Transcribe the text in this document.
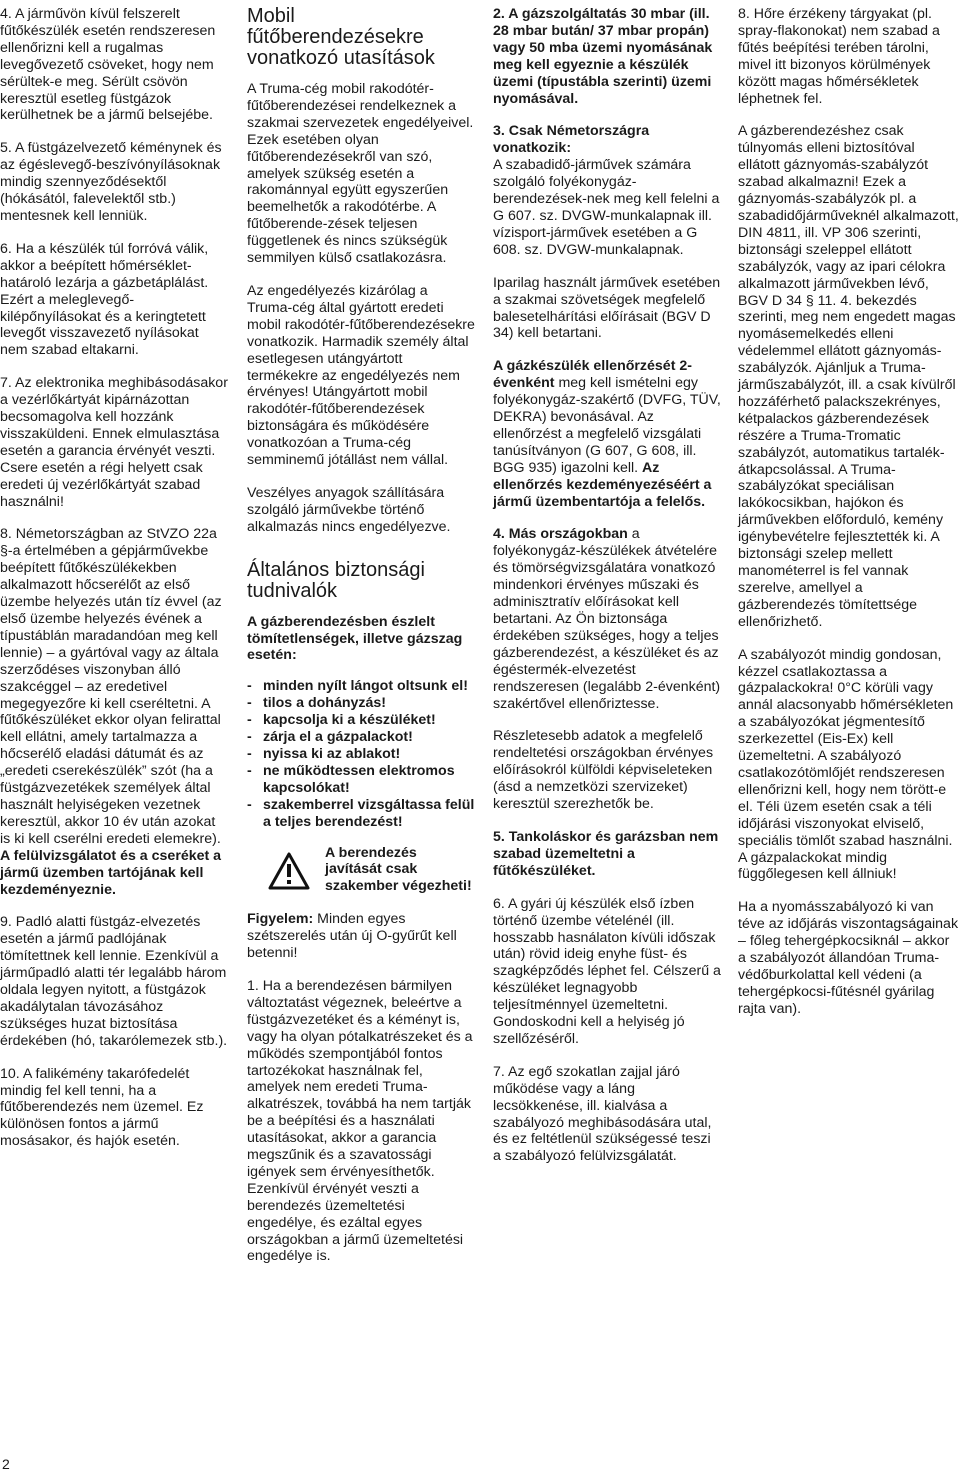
4. A járművön kívül felszerelt fűtőkészülék esetén rendszeresen ellenőrizni kell a rugalmas levegővezető csöveket, hogy nem sérültek-e meg. Sérült csövön keresztül esetleg füstgázok kerülhetnek be a jármű belsejébe.

5. A füstgázelvezető kéménynek és az égéslevegő-beszívónyílásoknak mindig szennyeződésektől (hókásától, falevelektől stb.) mentesnek kell lenniük.

6. Ha a készülék túl forróvá válik, akkor a beépített hőmérséklet-határoló lezárja a gázbetáplálást. Ezért a meleglevegő-kilépőnyílásokat és a keringtetett levegőt visszavezető nyílásokat nem szabad eltakarni.

7. Az elektronika meghibásodásakor a vezérlőkártyát kipárnázottan becsomagolva kell hozzánk visszaküldeni. Ennek elmulasztása esetén a garancia érvényét veszti. Csere esetén a régi helyett csak eredeti új vezérlőkártyát szabad használni!

8. Németországban az StVZO 22a §-a értelmében a gépjárművekbe beépített fűtőkészülékekben alkalmazott hőcserélőt az első üzembe helyezés után tíz évvel (az első üzembe helyezés évének a típustáblán maradandóan meg kell lennie) – a gyártóval vagy az általa szerződéses viszonyban álló szakcéggel – az eredetivel megegyezőre ki kell cseréltetni. A fűtőkészüléket ekkor olyan felirattal kell ellátni, amely tartalmazza a hőcserélő eladási dátumát és az „eredeti cserekészülék” szót (ha a füstgázvezetékek személyek által használt helyiségeken vezetnek keresztül, akkor 10 év után azokat is ki kell cserélni eredeti elemekre). A felülvizsgálatot és a cseréket a jármű üzemben tartójának kell kezdeményeznie.

9. Padló alatti füstgáz-elvezetés esetén a jármű padlójának tömítettnek kell lennie. Ezenkívül a járműpadló alatti tér legalább három oldala legyen nyitott, a füstgázok akadálytalan távozásához szükséges huzat biztosítása érdekében (hó, takarólemezek stb.).

10. A falikémény takarófedelét mindig fel kell tenni, ha a fűtőberendezés nem üzemel. Ez különösen fontos a jármű mosásakor, és hajók esetén.

Mobil fűtőberendezésekre vonatkozó utasítások

A Truma-cég mobil rakodótér-fűtőberendezései rendelkeznek a szakmai szervezetek engedélyeivel. Ezek esetében olyan fűtőberendezésekről van szó, amelyek szükség esetén a rakománnyal együtt egyszerűen beemelhetők a rakodótérbe. A fűtőberende-zések teljesen függetlenek és nincs szükségük semmilyen külső csatlakozásra.

Az engedélyezés kizárólag a Truma-cég által gyártott eredeti mobil rakodótér-fűtőberendezésekre vonatkozik. Harmadik személy által esetlegesen utángyártott termékekre az engedélyezés nem érvényes! Utángyártott mobil rakodótér-fűtőberendezések biztonságára és működésére vonatkozóan a Truma-cég semminemű jótállást nem vállal.

Veszélyes anyagok szállítására szolgáló járművekbe történő alkalmazás nincs engedélyezve.

Általános biztonsági tudnivalók

A gázberendezésben észlelt tömítetlenségek, illetve gázszag esetén:

- minden nyílt lángot oltsunk el!
- tilos a dohányzás!
- kapcsolja ki a készüléket!
- zárja el a gázpalackot!
- nyissa ki az ablakot!
- ne működtessen elektromos kapcsolókat!
- szakemberrel vizsgáltassa felül a teljes berendezést!
A berendezés javítását csak szakember végezheti!

Figyelem: Minden egyes szétszerelés után új O-gyűrűt kell betenni!

1. Ha a berendezésen bármilyen változtatást végeznek, beleértve a füstgázvezetéket és a kéményt is, vagy ha olyan pótalkatrészeket és a működés szempontjából fontos tartozékokat használnak fel, amelyek nem eredeti Truma-alkatrészek, továbbá ha nem tartják be a beépítési és a használati utasításokat, akkor a garancia megszűnik és a szavatossági igények sem érvényesíthetők. Ezenkívül érvényét veszti a berendezés üzemeltetési engedélye, és ezáltal egyes országokban a jármű üzemeltetési engedélye is.

2. A gázszolgáltatás 30 mbar (ill. 28 mbar bután/ 37 mbar propán) vagy 50 mba üzemi nyomásának meg kell egyeznie a készülék üzemi (típustábla szerinti) üzemi nyomásával.

3. Csak Németországra vonatkozik:
A szabadidő-járművek számára szolgáló folyékonygáz-berendezések-nek meg kell felelni a G 607. sz. DVGW-munkalapnak ill. vízisport-járművek esetében a G 608. sz. DVGW-munkalapnak.

Iparilag használt járművek esetében a szakmai szövetségek megfelelő balesetelhárítási előírásait (BGV D 34) kell betartani.

A gázkészülék ellenőrzését 2-évenként meg kell ismételni egy folyékonygáz-szakértő (DVFG, TÜV, DEKRA) bevonásával. Az ellenőrzést a megfelelő vizsgálati tanúsítványon (G 607, G 608, ill. BGG 935) igazolni kell. Az ellenőrzés kezdeményezéséért a jármű üzembentartója a felelős.

4. Más országokban a folyékonygáz-készülékek átvételére és tömörségvizsgálatára vonatkozó mindenkori érvényes műszaki és adminisztratív előírásokat kell betartani. Az Ön biztonsága érdekében szükséges, hogy a teljes gázberendezést, a készüléket és az égéstermék-elvezetést rendszeresen (legalább 2-évenként) szakértővel ellenőriztesse.

Részletesebb adatok a megfelelő rendeltetési országokban érvényes előírásokról külföldi képviseleteken (ásd a nemzetközi szervizeket) keresztül szerezhetők be.

5. Tankoláskor és garázsban nem szabad üzemeltetni a fűtőkészüléket.

6. A gyári új készülék első ízben történő üzembe vételénél (ill. hosszabb hasnálaton kívüli időszak után) rövid ideig enyhe füst- és szagképződés léphet fel. Célszerű a készüléket legnagyobb teljesítménnyel üzemeltetni. Gondoskodni kell a helyiség jó szellőzéséről.

7. Az egő szokatlan zajjal járó működése vagy a láng lecsökkenése, ill. kialvása a szabályozó meghibásodására utal, és ez feltétlenül szükségessé teszi a szabályozó felülvizsgálatát.

8. Hőre érzékeny tárgyakat (pl. spray-flakonokat) nem szabad a fűtés beépítési terében tárolni, mivel itt bizonyos körülmények között magas hőmérsékletek léphetnek fel.

A gázberendezéshez csak túlnyomás elleni biztosítóval ellátott gáznyomás-szabályzót szabad alkalmazni! Ezek a gáznyomás-szabályzók pl. a szabadidőjárműveknél alkalmazott, DIN 4811, ill. VP 306 szerinti, biztonsági szeleppel ellátott szabályzók, vagy az ipari célokra alkalmazott járművekben lévő, BGV D 34 § 11. 4. bekezdés szerinti, meg nem engedett magas nyomásemelkedés elleni védelemmel ellátott gáznyomás-szabályzók. Ajánljuk a Truma-járműszabályzót, ill. a csak kívülről hozzáférhető palackszekrényes, kétpalackos gázberendezések részére a Truma-Tromatic szabályzót, automatikus tartalék-átkapcsolással. A Truma-szabályzókat speciálisan lakókocsikban, hajókon és járművekben előforduló, kemény igénybevételre fejlesztették ki. A biztonsági szelep mellett manométerrel is fel vannak szerelve, amellyel a gázberendezés tömítettsége ellenőrizhető.

A szabályozót mindig gondosan, kézzel csatlakoztassa a gázpalackokra! 0°C körüli vagy annál alacsonyabb hőmérsékleten a szabályozókat jégmentesítő szerkezettel (Eis-Ex) kell üzemeltetni. A szabályozó csatlakozótömlőjét rendszeresen ellenőrizni kell, hogy nem törött-e el. Téli üzem esetén csak a téli időjárási viszonyokat elviselő, speciális tömlőt szabad használni. A gázpalackokat mindig függőlegesen kell állniuk!

Ha a nyomásszabályozó ki van téve az időjárás viszontagságainak – főleg tehergépkocsiknál – akkor a szabályozót állandóan Truma-védőburkolattal kell védeni (a tehergépkocsi-fűtésnél gyárilag rajta van).

2
